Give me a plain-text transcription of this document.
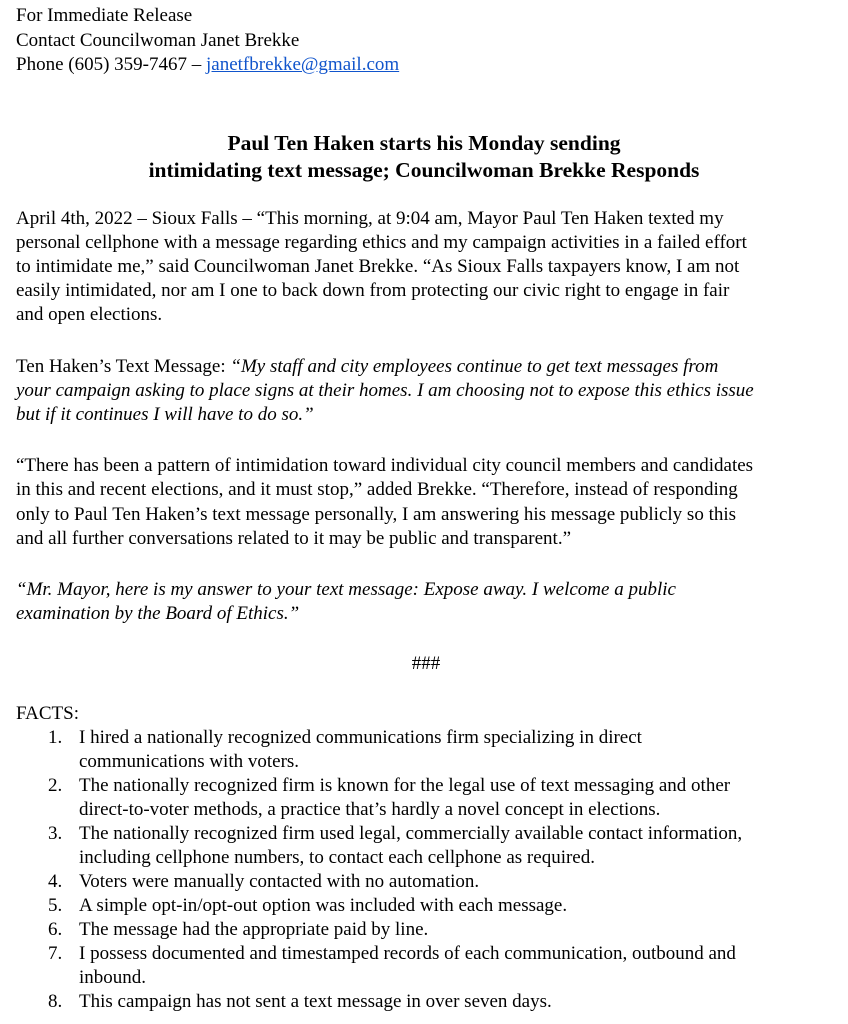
For Immediate Release
Contact Councilwoman Janet Brekke
Phone (605) 359-7467 – janetfbrekke@gmail.com
Paul Ten Haken starts his Monday sending
intimidating text message; Councilwoman Brekke Responds

April 4th, 2022 – Sioux Falls – “This morning, at 9:04 am, Mayor Paul Ten Haken texted my
personal cellphone with a message regarding ethics and my campaign activities in a failed effort
to intimidate me,” said Councilwoman Janet Brekke. “As Sioux Falls taxpayers know, I am not
easily intimidated, nor am I one to back down from protecting our civic right to engage in fair
and open elections.

Ten Haken’s Text Message: “My staff and city employees continue to get text messages from
your campaign asking to place signs at their homes. I am choosing not to expose this ethics issue
but if it continues I will have to do so.”

“There has been a pattern of intimidation toward individual city council members and candidates
in this and recent elections, and it must stop,” added Brekke. “Therefore, instead of responding
only to Paul Ten Haken’s text message personally, I am answering his message publicly so this
and all further conversations related to it may be public and transparent.”

“Mr. Mayor, here is my answer to your text message: Expose away. I welcome a public
examination by the Board of Ethics.”

###
FACTS:
1. I hired a nationally recognized communications firm specializing in direct
communications with voters.
2. The nationally recognized firm is known for the legal use of text messaging and other
direct-to-voter methods, a practice that’s hardly a novel concept in elections.
3. The nationally recognized firm used legal, commercially available contact information,
including cellphone numbers, to contact each cellphone as required.
4. Voters were manually contacted with no automation.
5. A simple opt-in/opt-out option was included with each message.
6. The message had the appropriate paid by line.
7. I possess documented and timestamped records of each communication, outbound and
inbound.
8. This campaign has not sent a text message in over seven days.
